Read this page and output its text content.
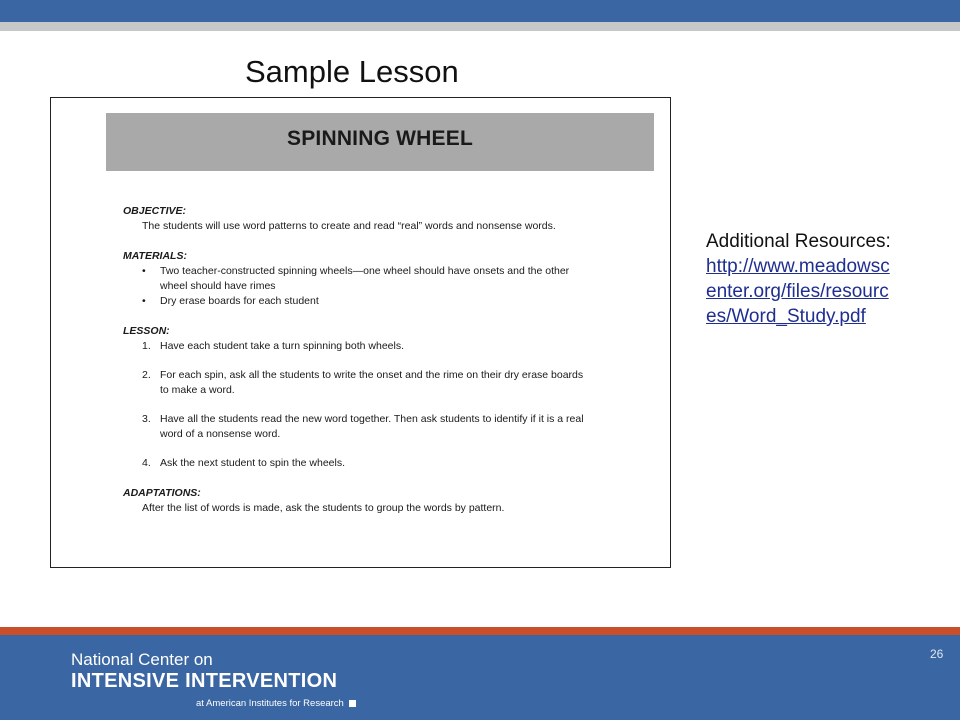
Sample Lesson
SPINNING WHEEL
OBJECTIVE:
The students will use word patterns to create and read “real” words and nonsense words.
MATERIALS:
•	Two teacher-constructed spinning wheels—one wheel should have onsets and the other
wheel should have rimes
•	Dry erase boards for each student
LESSON:
1. Have each student take a turn spinning both wheels.
2. For each spin, ask all the students to write the onset and the rime on their dry erase boards
to make a word.
3. Have all the students read the new word together. Then ask students to identify if it is a real
word of a nonsense word.
4. Ask the next student to spin the wheels.
ADAPTATIONS:
After the list of words is made, ask the students to group the words by pattern.
Additional Resources:
http://www.meadowsc
enter.org/files/resourc
es/Word_Study.pdf
National Center on
INTENSIVE INTERVENTION
at American Institutes for Research
26
